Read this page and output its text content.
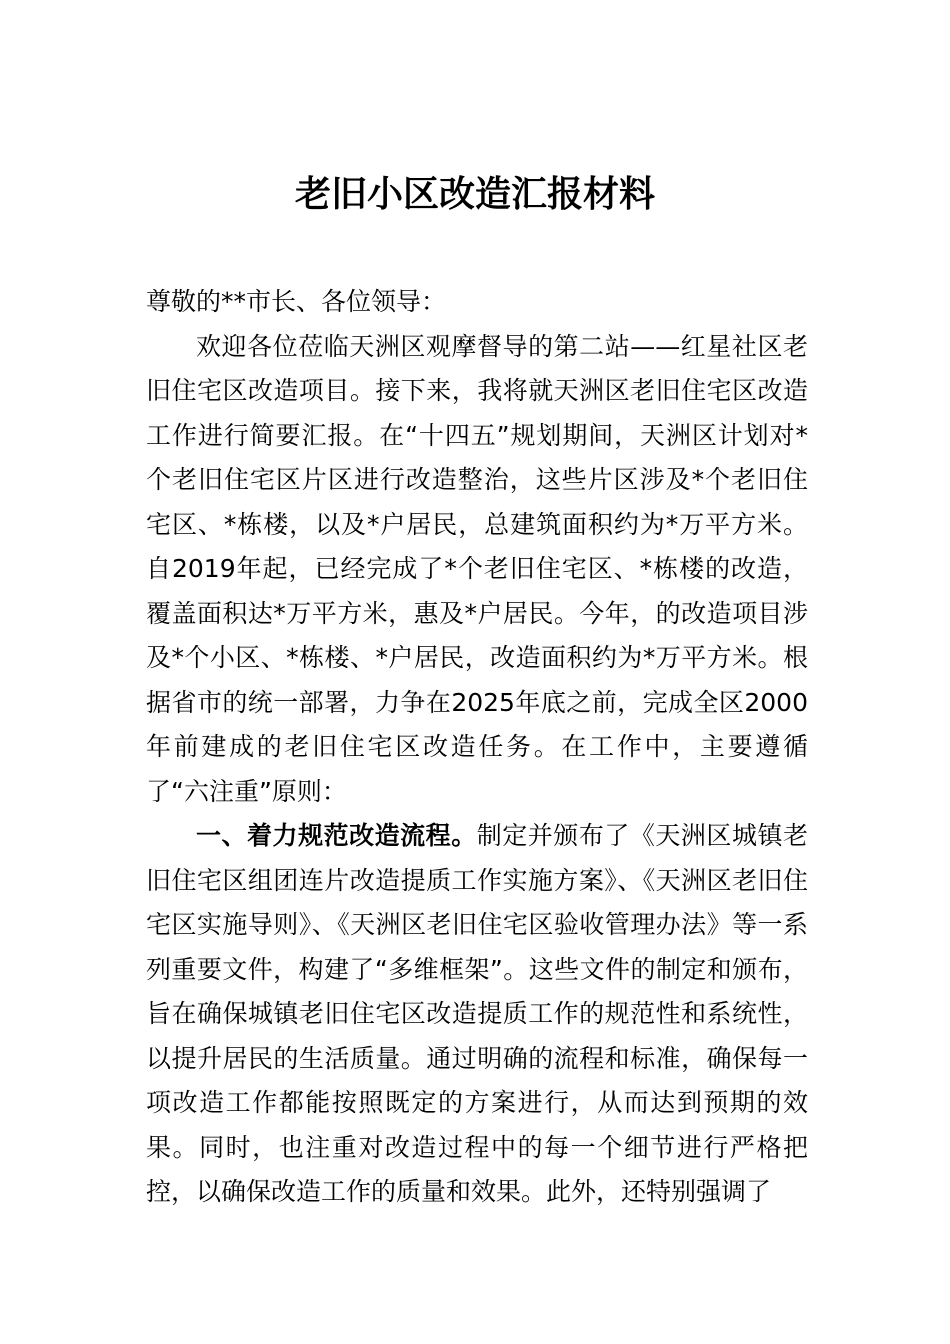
老旧小区改造汇报材料

尊敬的**市长、各位领导：

欢迎各位莅临天洲区观摩督导的第二站——红星社区老旧住宅区改造项目。接下来，我将就天洲区老旧住宅区改造工作进行简要汇报。在“十四五”规划期间，天洲区计划对*个老旧住宅区片区进行改造整治，这些片区涉及*个老旧住宅区、*栋楼，以及*户居民，总建筑面积约为*万平方米。自2019年起，已经完成了*个老旧住宅区、*栋楼的改造，覆盖面积达*万平方米，惠及*户居民。今年，的改造项目涉及*个小区、*栋楼、*户居民，改造面积约为*万平方米。根据省市的统一部署，力争在2025年底之前，完成全区2000年前建成的老旧住宅区改造任务。在工作中，主要遵循了“六注重”原则：

一、着力规范改造流程。制定并颁布了《天洲区城镇老旧住宅区组团连片改造提质工作实施方案》、《天洲区老旧住宅区实施导则》、《天洲区老旧住宅区验收管理办法》等一系列重要文件，构建了“多维框架”。这些文件的制定和颁布，旨在确保城镇老旧住宅区改造提质工作的规范性和系统性，以提升居民的生活质量。通过明确的流程和标准，确保每一项改造工作都能按照既定的方案进行，从而达到预期的效果。同时，也注重对改造过程中的每一个细节进行严格把控，以确保改造工作的质量和效果。此外，还特别强调了
